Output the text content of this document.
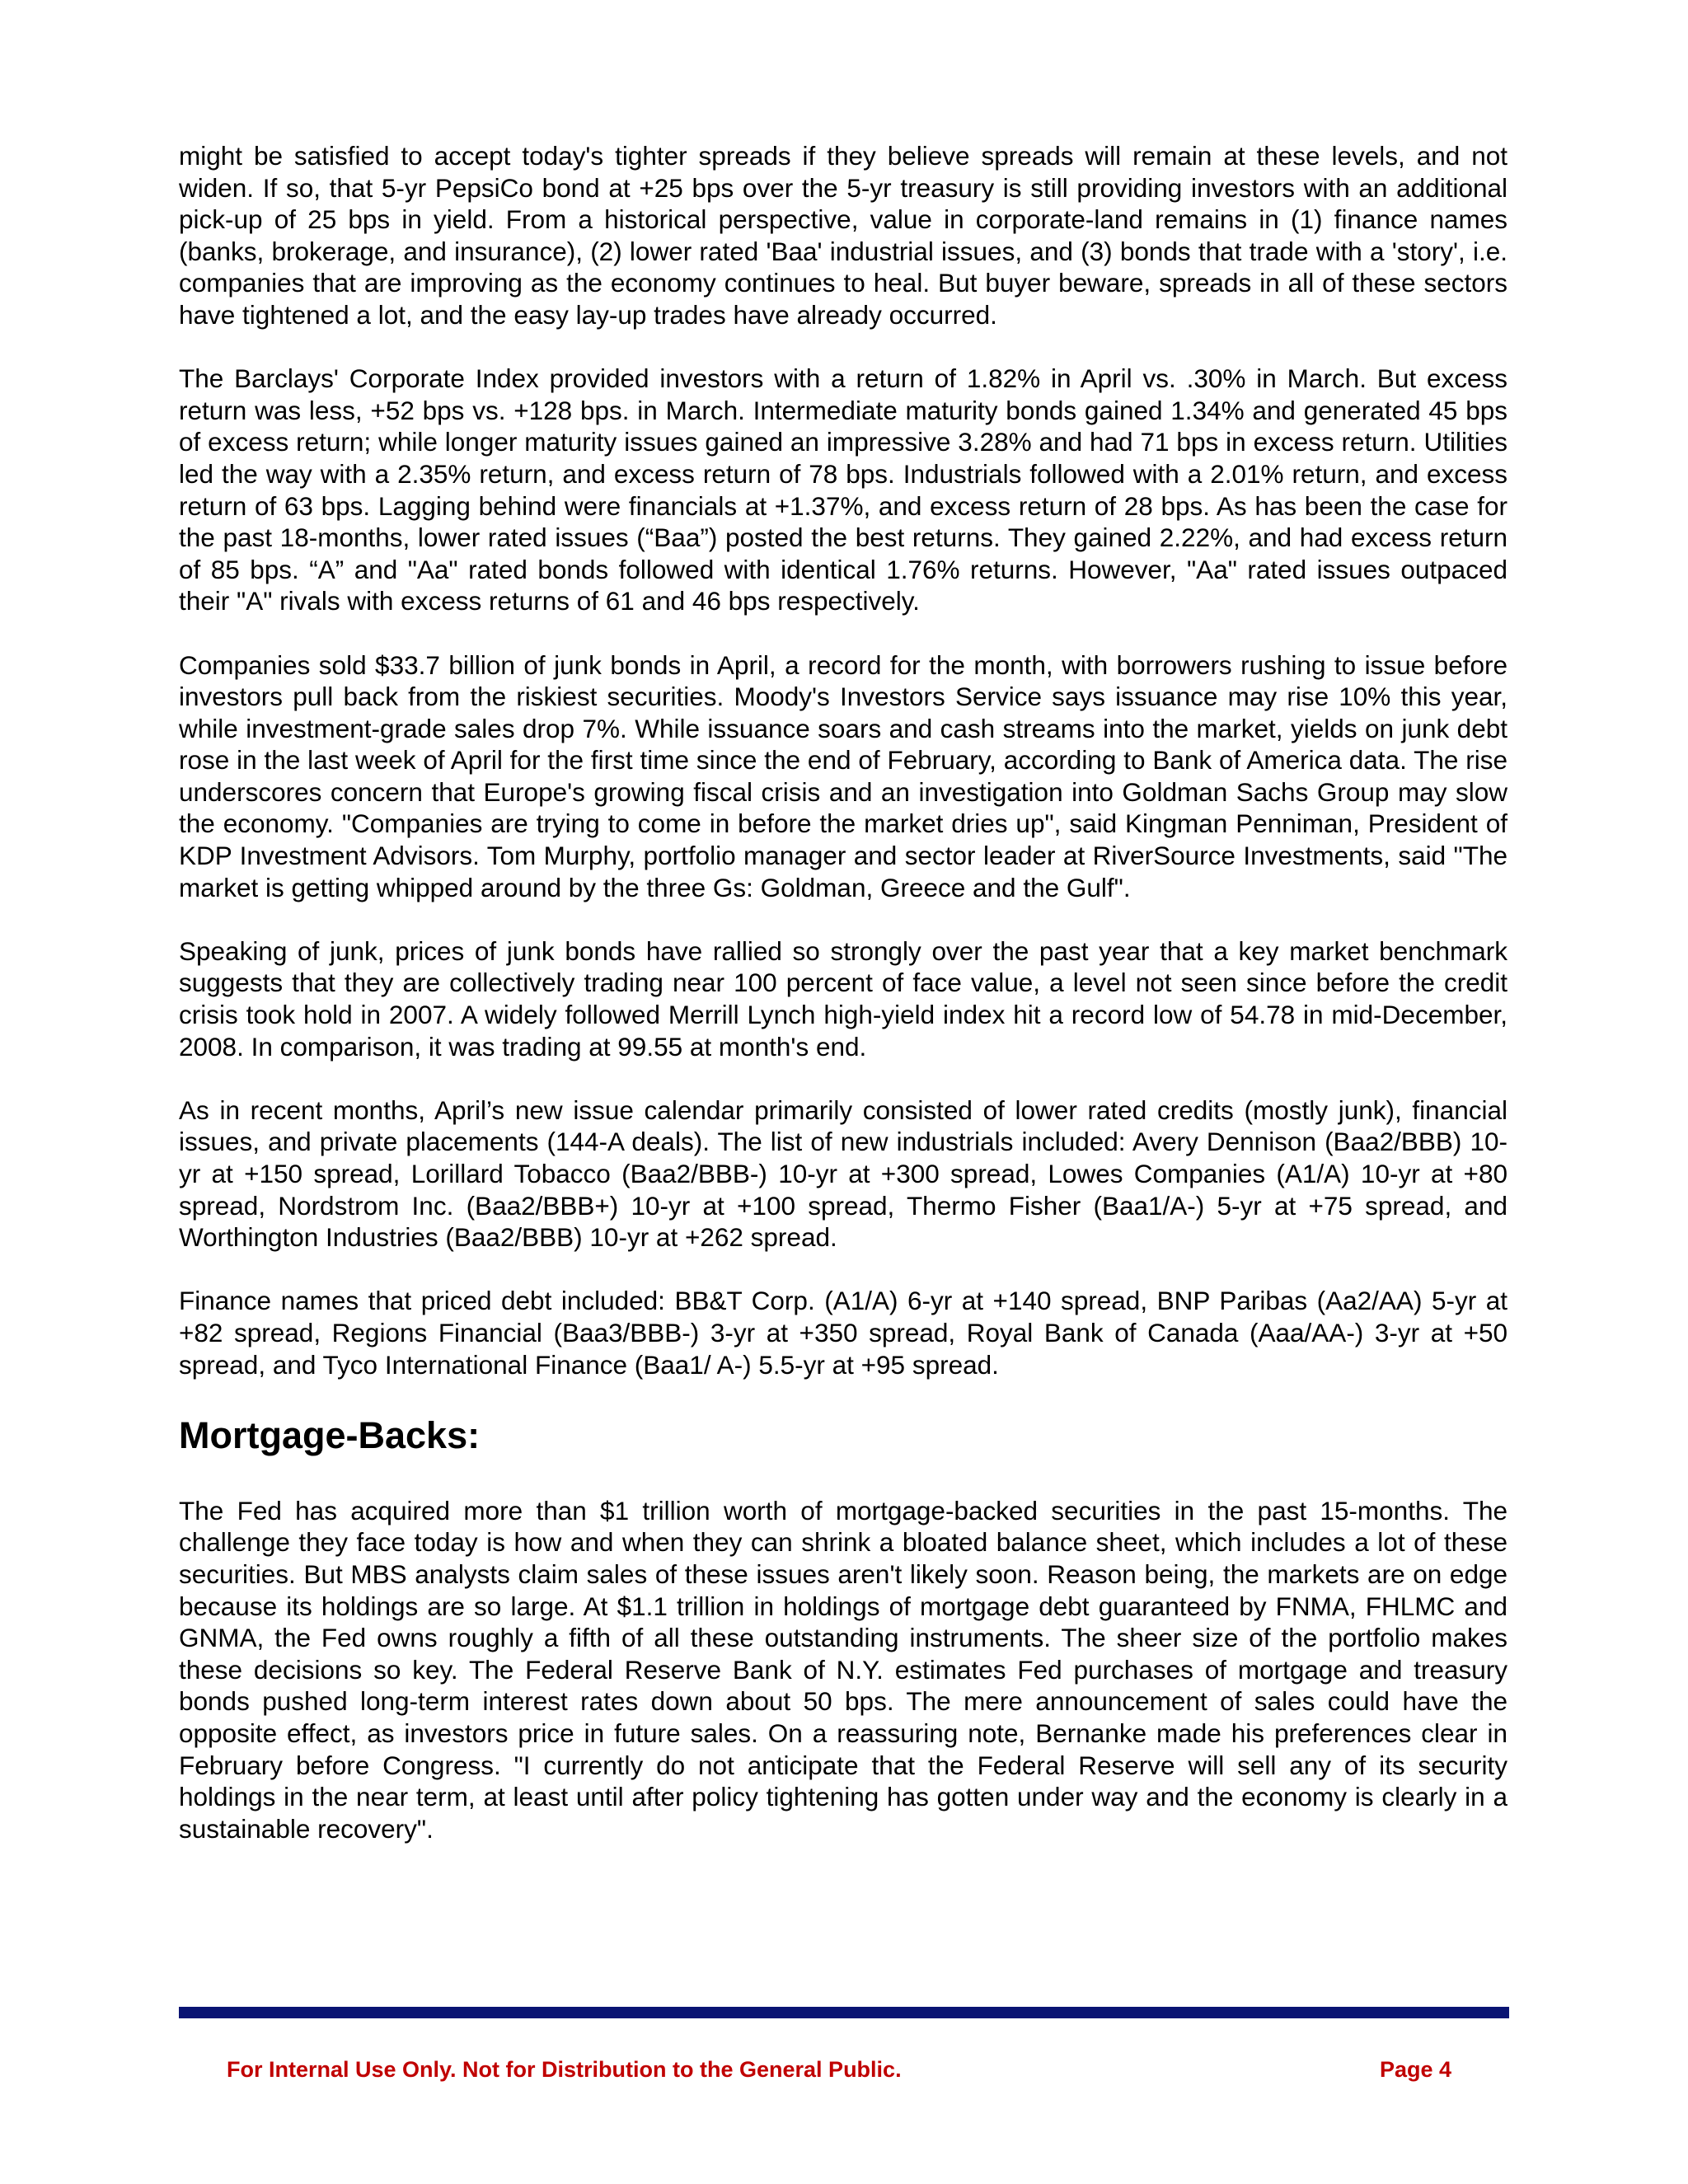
might be satisfied to accept today's tighter spreads if they believe spreads will remain at these levels, and not widen. If so, that 5-yr PepsiCo bond at +25 bps over the 5-yr treasury is still providing investors with an additional pick-up of 25 bps in yield. From a historical perspective, value in corporate-land remains in (1) finance names (banks, brokerage, and insurance), (2) lower rated 'Baa' industrial issues, and (3) bonds that trade with a 'story', i.e. companies that are improving as the economy continues to heal. But buyer beware, spreads in all of these sectors have tightened a lot, and the easy lay-up trades have already occurred.

The Barclays' Corporate Index provided investors with a return of 1.82% in April vs. .30% in March. But excess return was less, +52 bps vs. +128 bps. in March. Intermediate maturity bonds gained 1.34% and generated 45 bps of excess return; while longer maturity issues gained an impressive 3.28% and had 71 bps in excess return. Utilities led the way with a 2.35% return, and excess return of 78 bps. Industrials followed with a 2.01% return, and excess return of 63 bps. Lagging behind were financials at +1.37%, and excess return of 28 bps. As has been the case for the past 18-months, lower rated issues (“Baa”) posted the best returns. They gained 2.22%, and had excess return of 85 bps. “A” and "Aa" rated bonds followed with identical 1.76% returns. However, "Aa" rated issues outpaced their "A" rivals with excess returns of 61 and 46 bps respectively.

Companies sold $33.7 billion of junk bonds in April, a record for the month, with borrowers rushing to issue before investors pull back from the riskiest securities. Moody's Investors Service says issuance may rise 10% this year, while investment-grade sales drop 7%. While issuance soars and cash streams into the market, yields on junk debt rose in the last week of April for the first time since the end of February, according to Bank of America data. The rise underscores concern that Europe's growing fiscal crisis and an investigation into Goldman Sachs Group may slow the economy. "Companies are trying to come in before the market dries up", said Kingman Penniman, President of KDP Investment Advisors. Tom Murphy, portfolio manager and sector leader at RiverSource Investments, said "The market is getting whipped around by the three Gs: Goldman, Greece and the Gulf".

Speaking of junk, prices of junk bonds have rallied so strongly over the past year that a key market benchmark suggests that they are collectively trading near 100 percent of face value, a level not seen since before the credit crisis took hold in 2007. A widely followed Merrill Lynch high-yield index hit a record low of 54.78 in mid-December, 2008. In comparison, it was trading at 99.55 at month's end.

As in recent months, April’s new issue calendar primarily consisted of lower rated credits (mostly junk), financial issues, and private placements (144-A deals). The list of new industrials included: Avery Dennison (Baa2/BBB) 10-yr at +150 spread, Lorillard Tobacco (Baa2/BBB-) 10-yr at +300 spread, Lowes Companies (A1/A) 10-yr at +80 spread, Nordstrom Inc. (Baa2/BBB+) 10-yr at +100 spread, Thermo Fisher (Baa1/A-) 5-yr at +75 spread, and Worthington Industries (Baa2/BBB) 10-yr at +262 spread.

Finance names that priced debt included: BB&T Corp. (A1/A) 6-yr at +140 spread, BNP Paribas (Aa2/AA) 5-yr at +82 spread, Regions Financial (Baa3/BBB-) 3-yr at +350 spread, Royal Bank of Canada (Aaa/AA-) 3-yr at +50 spread, and Tyco International Finance (Baa1/ A-) 5.5-yr at +95 spread.

Mortgage-Backs:

The Fed has acquired more than $1 trillion worth of mortgage-backed securities in the past 15-months. The challenge they face today is how and when they can shrink a bloated balance sheet, which includes a lot of these securities. But MBS analysts claim sales of these issues aren't likely soon. Reason being, the markets are on edge because its holdings are so large. At $1.1 trillion in holdings of mortgage debt guaranteed by FNMA, FHLMC and GNMA, the Fed owns roughly a fifth of all these outstanding instruments. The sheer size of the portfolio makes these decisions so key. The Federal Reserve Bank of N.Y. estimates Fed purchases of mortgage and treasury bonds pushed long-term interest rates down about 50 bps. The mere announcement of sales could have the opposite effect, as investors price in future sales. On a reassuring note, Bernanke made his preferences clear in February before Congress. "I currently do not anticipate that the Federal Reserve will sell any of its security holdings in the near term, at least until after policy tightening has gotten under way and the economy is clearly in a sustainable recovery".

For Internal Use Only. Not for Distribution to the General Public.	Page 4
